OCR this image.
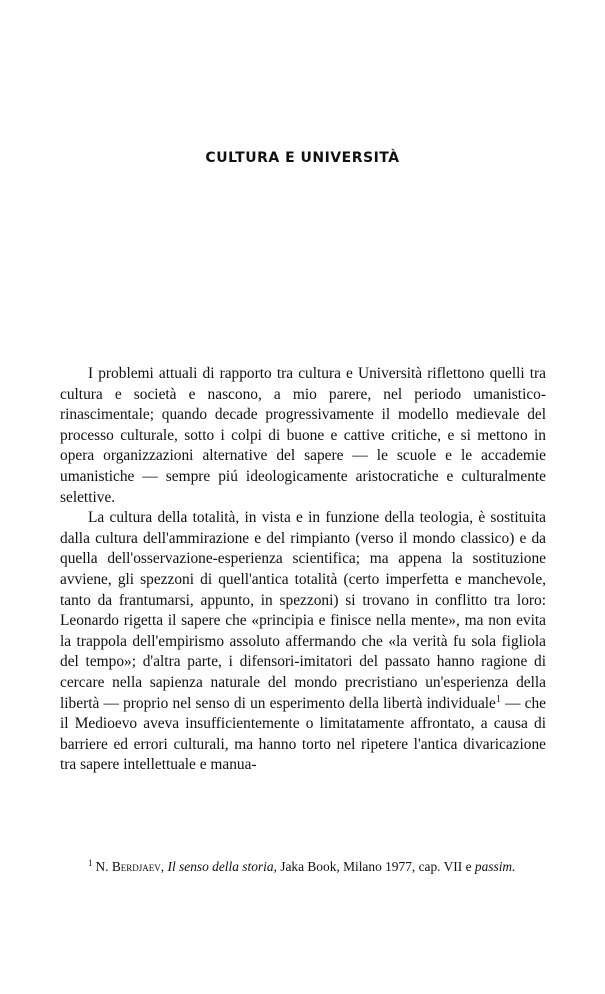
CULTURA E UNIVERSITÀ

I problemi attuali di rapporto tra cultura e Università riflettono quelli tra cultura e società e nascono, a mio parere, nel periodo umanistico-rinascimentale; quando decade progressivamente il modello medievale del processo culturale, sotto i colpi di buone e cattive critiche, e si mettono in opera organizzazioni alternative del sapere — le scuole e le accademie umanistiche — sempre piú ideologicamente aristocratiche e culturalmente selettive.

La cultura della totalità, in vista e in funzione della teologia, è sostituita dalla cultura dell'ammirazione e del rimpianto (verso il mondo classico) e da quella dell'osservazione-esperienza scientifica; ma appena la sostituzione avviene, gli spezzoni di quell'antica totalità (certo imperfetta e manchevole, tanto da frantumarsi, appunto, in spezzoni) si trovano in conflitto tra loro: Leonardo rigetta il sapere che «principia e finisce nella mente», ma non evita la trappola dell'empirismo assoluto affermando che «la verità fu sola figliola del tempo»; d'altra parte, i difensori-imitatori del passato hanno ragione di cercare nella sapienza naturale del mondo precristiano un'esperienza della libertà — proprio nel senso di un esperimento della libertà individuale$^1$ — che il Medioevo aveva insufficientemente o limitatamente affrontato, a causa di barriere ed errori culturali, ma hanno torto nel ripetere l'antica divaricazione tra sapere intellettuale e manua-

$^1$ N. Berdjaev, Il senso della storia, Jaka Book, Milano 1977, cap. VII e passim.
